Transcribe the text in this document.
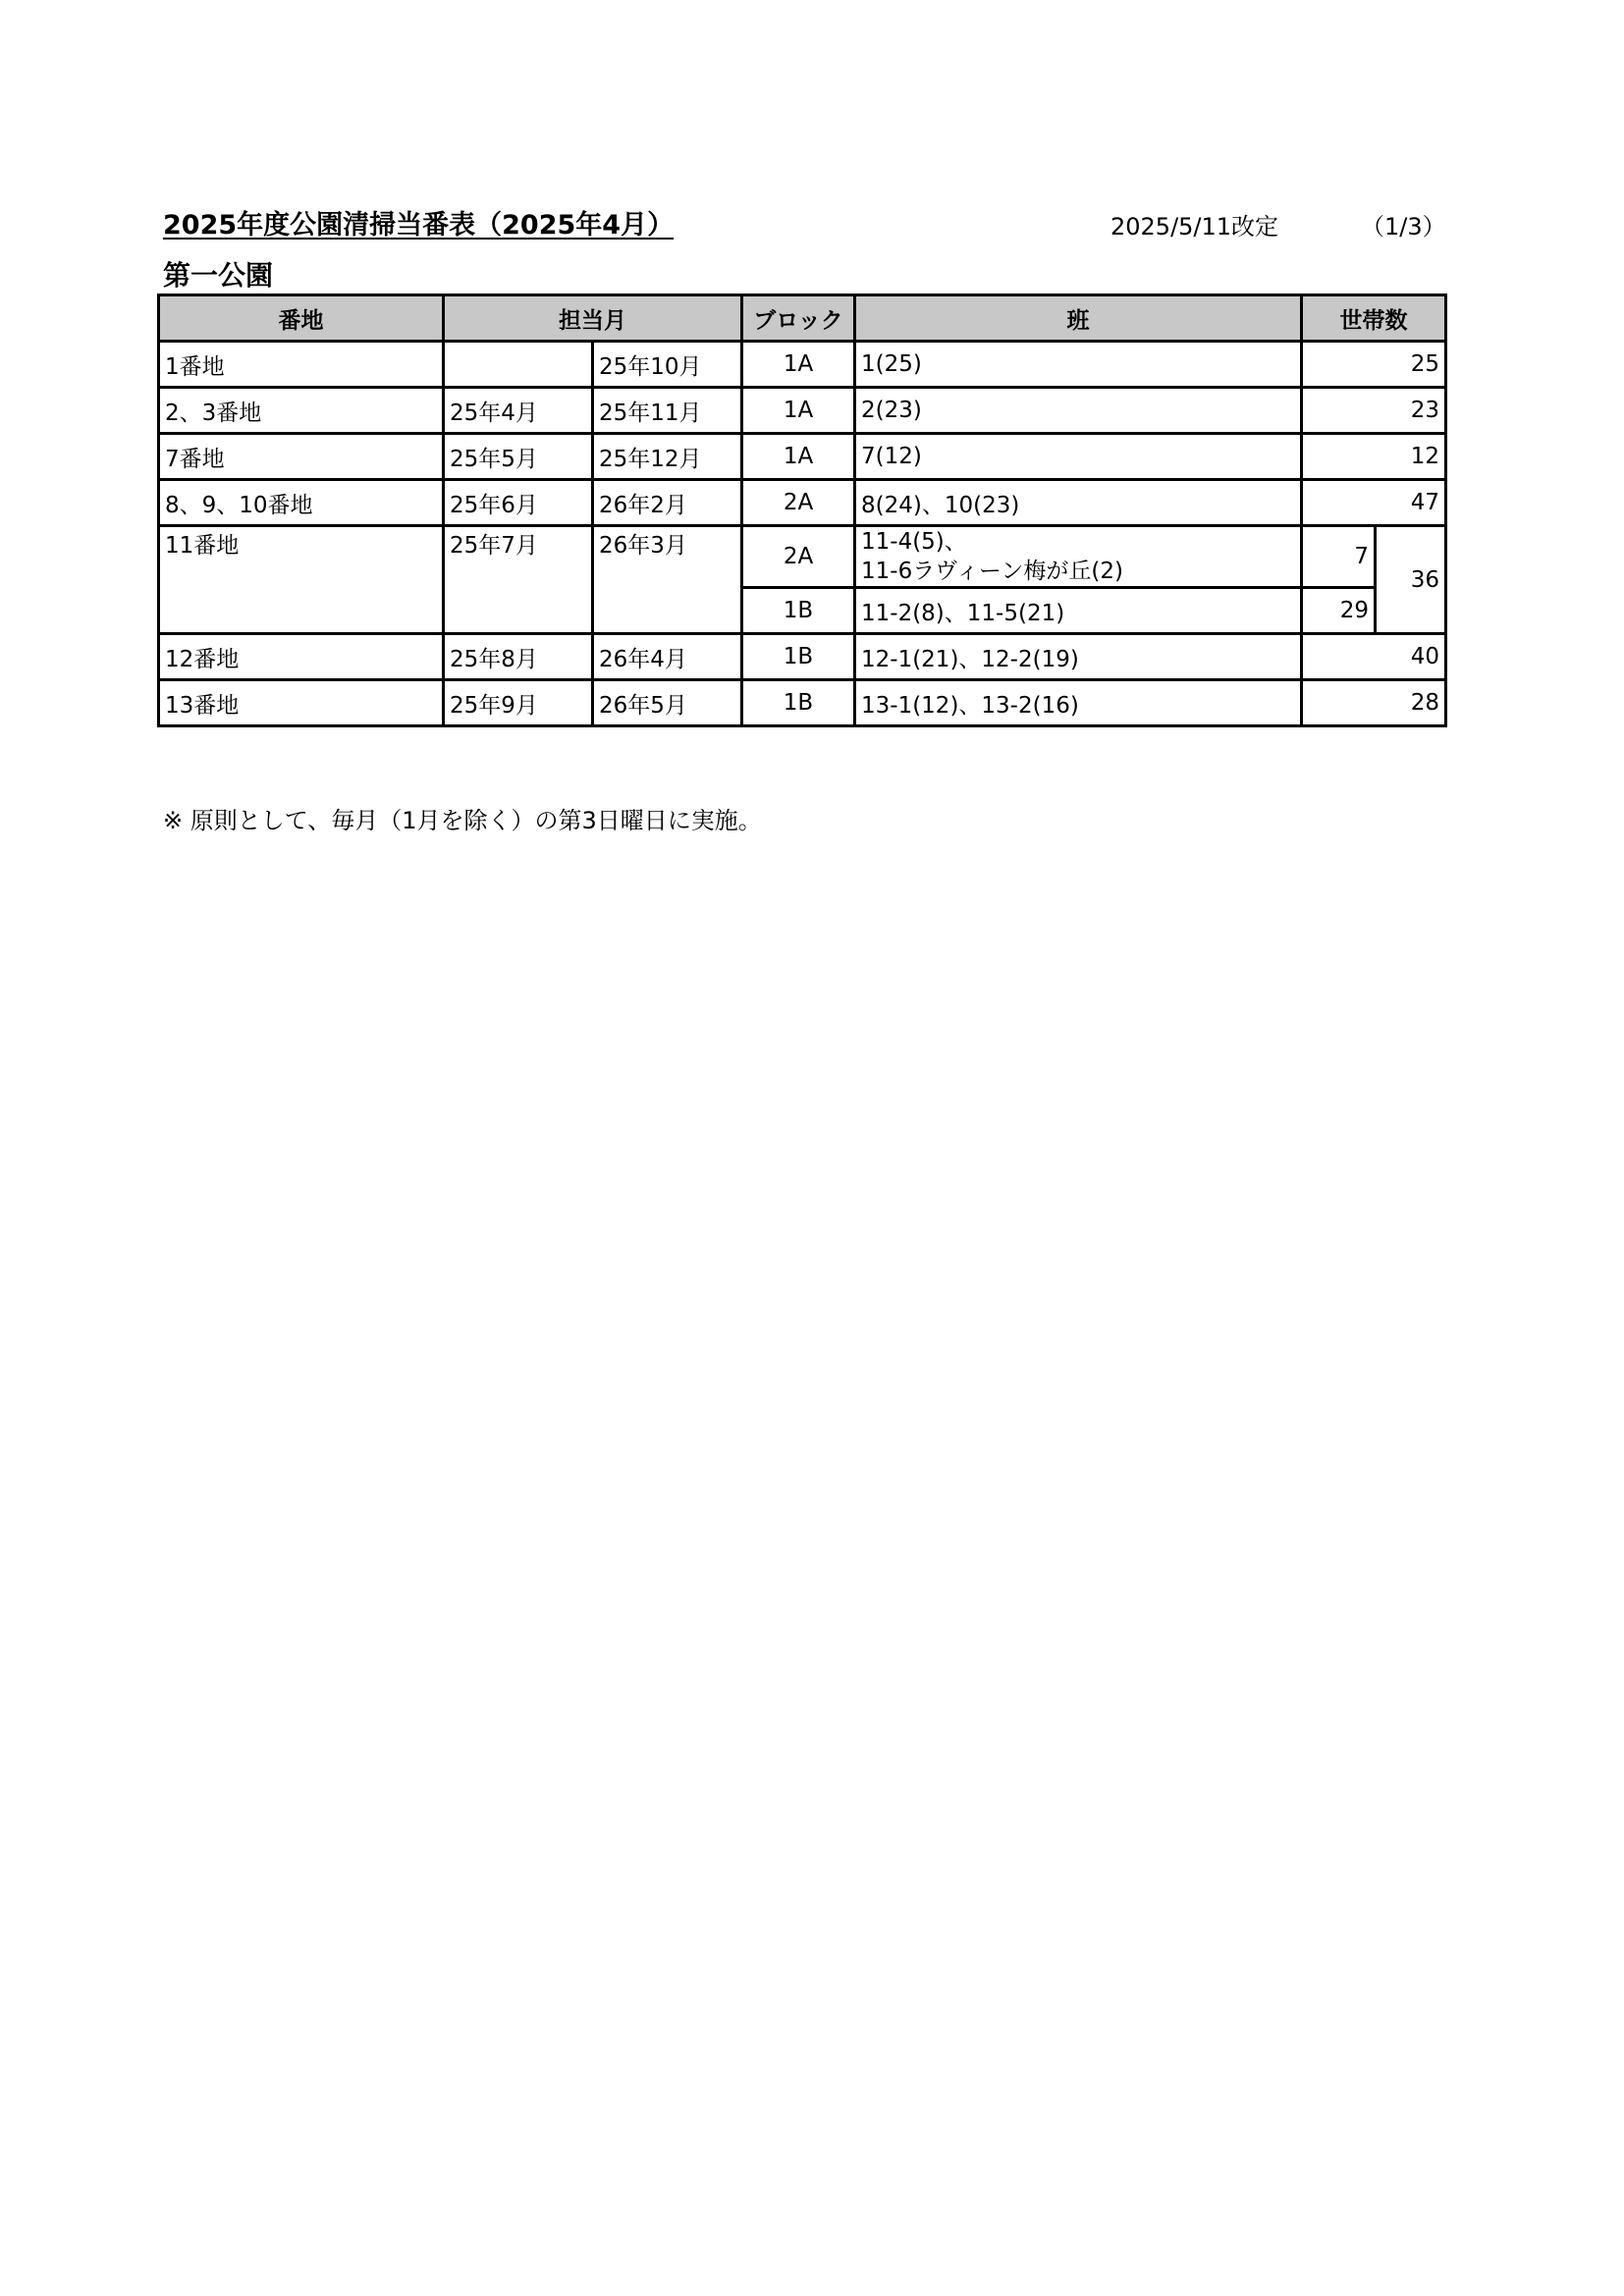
2025年度公園清掃当番表（2025年4月）	2025/5/11改定	（1/3）
第一公園
番地	担当月		ブロック	班	世帯数	
1番地		25年10月	1A	1(25)	25	
2、3番地	25年4月	25年11月	1A	2(23)	23	
7番地	25年5月	25年12月	1A	7(12)	12	
8、9、10番地	25年6月	26年2月	2A	8(24)、10(23)	47	
11番地	25年7月	26年3月	2A	11-4(5)、
11-6ラヴィーン梅が丘(2)	7	36
			1B	11-2(8)、11-5(21)	29	
12番地	25年8月	26年4月	1B	12-1(21)、12-2(19)	40	
13番地	25年9月	26年5月	1B	13-1(12)、13-2(16)	28	
※ 原則として、毎月（1月を除く）の第3日曜日に実施。
